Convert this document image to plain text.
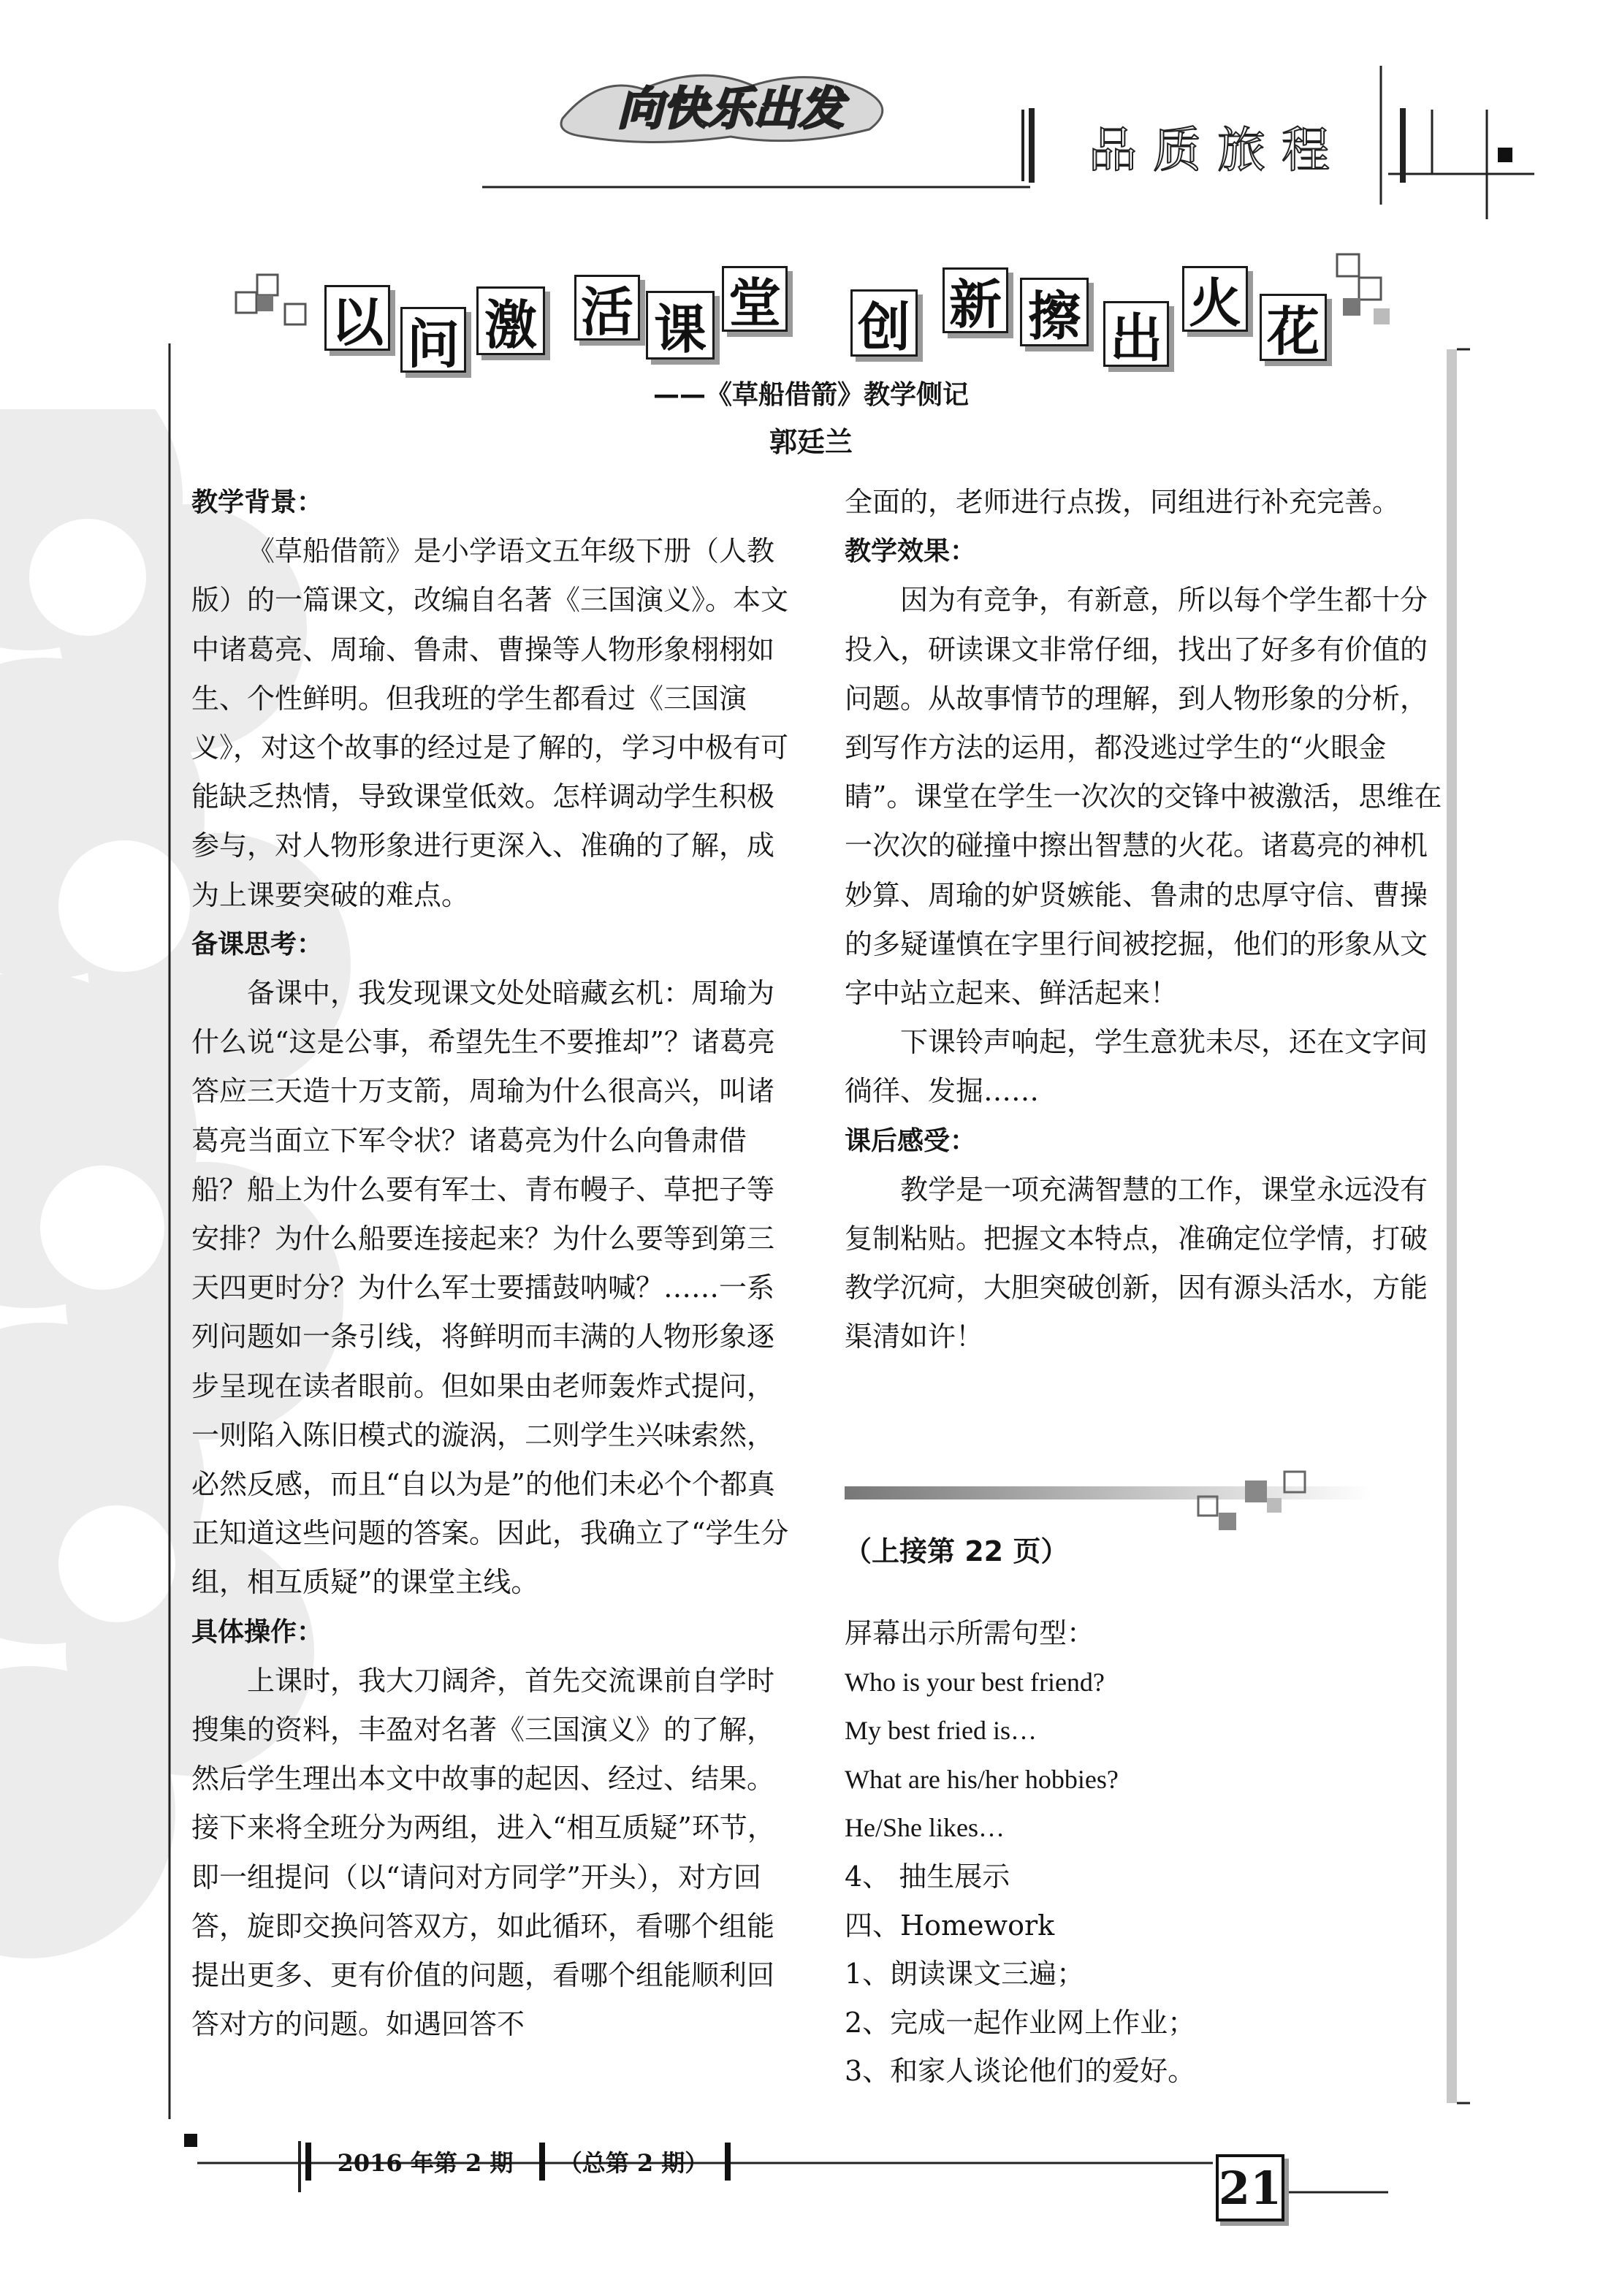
向快乐出发
品质旅程
以 问 激 活 课 堂 创 新 擦 出
火 花
——《草船借箭》教学侧记
郭廷兰

教学背景：

《草船借箭》是小学语文五年级下册（人教版）的一篇课文，改编自名著《三国演义》。本文中诸葛亮、周瑜、鲁肃、曹操等人物形象栩栩如生、个性鲜明。但我班的学生都看过《三国演义》，对这个故事的经过是了解的，学习中极有可能缺乏热情，导致课堂低效。怎样调动学生积极参与，对人物形象进行更深入、准确的了解，成为上课要突破的难点。

备课思考：

备课中，我发现课文处处暗藏玄机：周瑜为什么说“这是公事，希望先生不要推却”？诸葛亮答应三天造十万支箭，周瑜为什么很高兴，叫诸葛亮当面立下军令状？诸葛亮为什么向鲁肃借船？船上为什么要有军士、青布幔子、草把子等安排？为什么船要连接起来？为什么要等到第三天四更时分？为什么军士要擂鼓呐喊？……一系列问题如一条引线，将鲜明而丰满的人物形象逐步呈现在读者眼前。但如果由老师轰炸式提问，一则陷入陈旧模式的漩涡，二则学生兴味索然，必然反感，而且“自以为是”的他们未必个个都真正知道这些问题的答案。因此，我确立了“学生分组，相互质疑”的课堂主线。

具体操作：

上课时，我大刀阔斧，首先交流课前自学时搜集的资料，丰盈对名著《三国演义》的了解，然后学生理出本文中故事的起因、经过、结果。接下来将全班分为两组，进入“相互质疑”环节，即一组提问（以“请问对方同学”开头），对方回答，旋即交换问答双方，如此循环，看哪个组能提出更多、更有价值的问题，看哪个组能顺利回答对方的问题。如遇回答不

全面的，老师进行点拨，同组进行补充完善。

教学效果：

因为有竞争，有新意，所以每个学生都十分投入，研读课文非常仔细，找出了好多有价值的问题。从故事情节的理解，到人物形象的分析，到写作方法的运用，都没逃过学生的“火眼金睛”。课堂在学生一次次的交锋中被激活，思维在一次次的碰撞中擦出智慧的火花。诸葛亮的神机妙算、周瑜的妒贤嫉能、鲁肃的忠厚守信、曹操的多疑谨慎在字里行间被挖掘，他们的形象从文字中站立起来、鲜活起来！

下课铃声响起，学生意犹未尽，还在文字间徜徉、发掘……

课后感受：

教学是一项充满智慧的工作，课堂永远没有复制粘贴。把握文本特点，准确定位学情，打破教学沉疴，大胆突破创新，因有源头活水，方能渠清如许！

（上接第 22 页）

屏幕出示所需句型：

Who is your best friend?

My best fried is…

What are his/her hobbies?

He/She likes…

4、 抽生展示

四、Homework

1、朗读课文三遍；

2、完成一起作业网上作业；

3、和家人谈论他们的爱好。

2016 年第 2 期 （总第 2 期）	21
